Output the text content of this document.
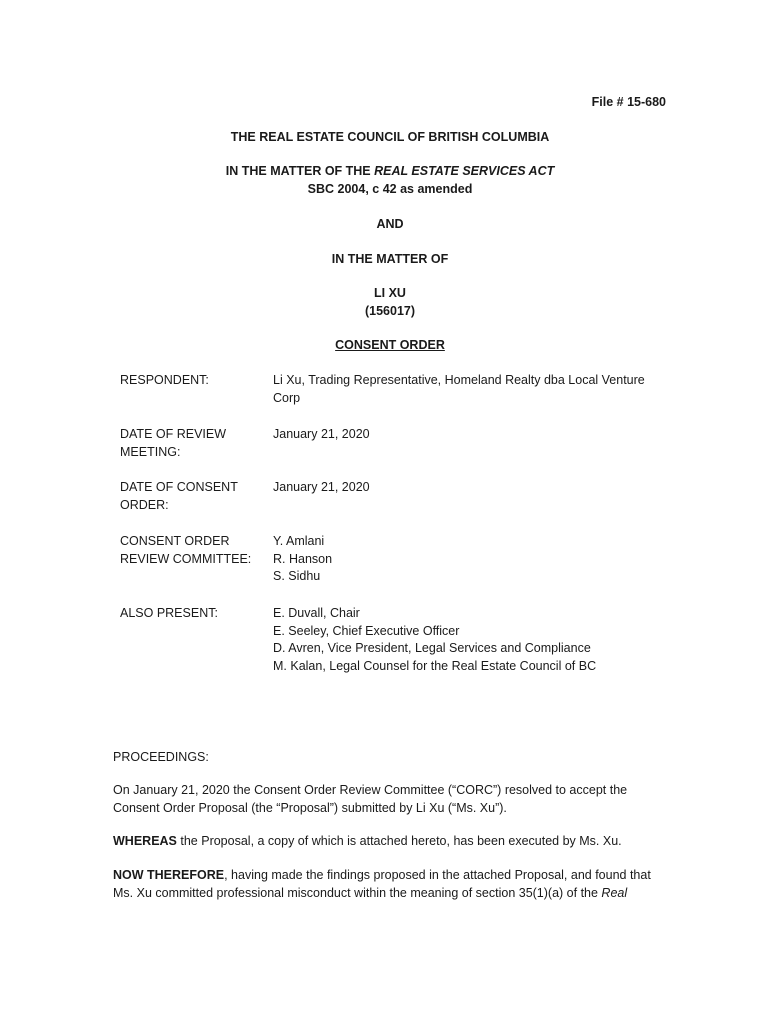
File # 15-680
THE REAL ESTATE COUNCIL OF BRITISH COLUMBIA
IN THE MATTER OF THE REAL ESTATE SERVICES ACT
SBC 2004, c 42 as amended
AND
IN THE MATTER OF
LI XU
(156017)
CONSENT ORDER
RESPONDENT:	Li Xu, Trading Representative, Homeland Realty dba Local Venture
Corp
DATE OF REVIEW
MEETING:
January 21, 2020
DATE OF CONSENT
ORDER:
January 21, 2020
CONSENT ORDER
REVIEW COMMITTEE:
Y. Amlani
R. Hanson
S. Sidhu
ALSO PRESENT:	E. Duvall, Chair
E. Seeley, Chief Executive Officer
D. Avren, Vice President, Legal Services and Compliance
M. Kalan, Legal Counsel for the Real Estate Council of BC
PROCEEDINGS:
On January 21, 2020 the Consent Order Review Committee (“CORC”) resolved to accept the
Consent Order Proposal (the “Proposal”) submitted by Li Xu (“Ms. Xu”).
WHEREAS the Proposal, a copy of which is attached hereto, has been executed by Ms. Xu.
NOW THEREFORE, having made the findings proposed in the attached Proposal, and found that
Ms. Xu committed professional misconduct within the meaning of section 35(1)(a) of the Real
